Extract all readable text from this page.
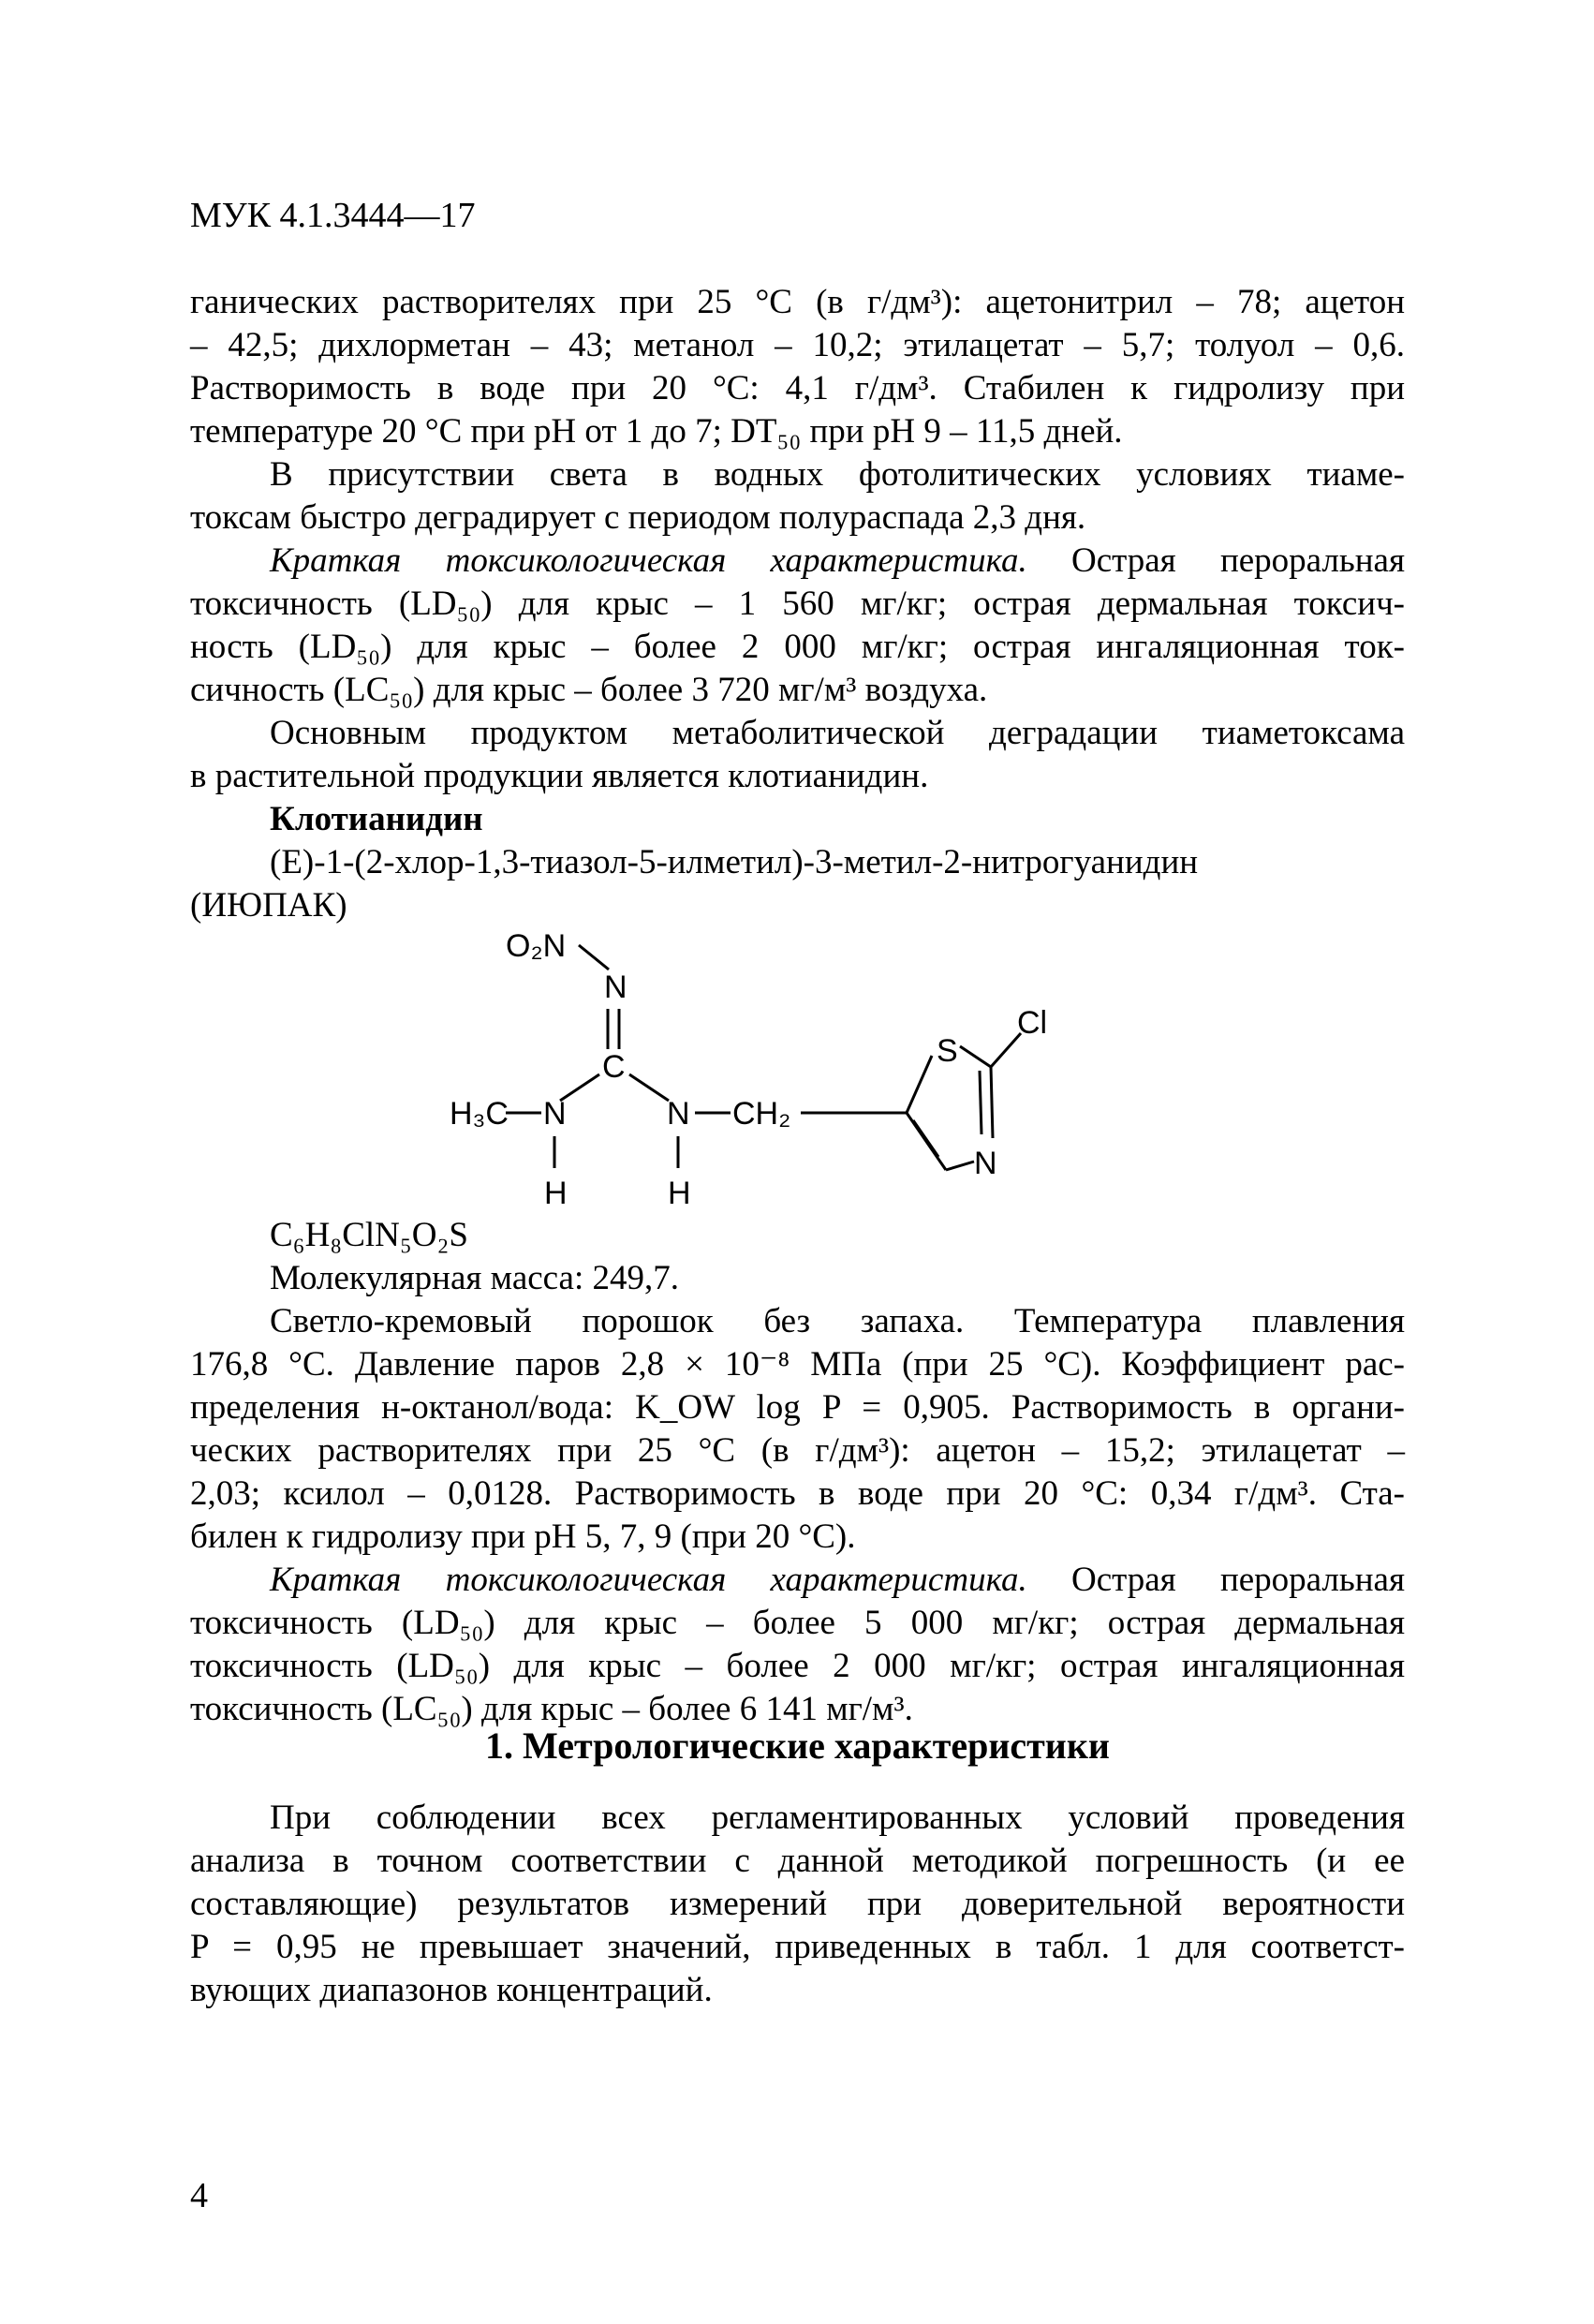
МУК 4.1.3444—17
ганических растворителях при 25 °С (в г/дм³): ацетонитрил – 78; ацетон
– 42,5; дихлорметан – 43; метанол – 10,2; этилацетат – 5,7; толуол – 0,6.
Растворимость в воде при 20 °С: 4,1 г/дм³. Стабилен к гидролизу при
температуре 20 °С при pH от 1 до 7; DT₅₀ при pH 9 – 11,5 дней.
В присутствии света в водных фотолитических условиях тиаме-
токсам быстро деградирует с периодом полураспада 2,3 дня.
Краткая токсикологическая характеристика. Острая пероральная
токсичность (LD₅₀) для крыс – 1 560 мг/кг; острая дермальная токсич-
ность (LD₅₀) для крыс – более 2 000 мг/кг; острая ингаляционная ток-
сичность (LC₅₀) для крыс – более 3 720 мг/м³ воздуха.
Основным продуктом метаболитической деградации тиаметоксама
в растительной продукции является клотианидин.
Клотианидин
(E)-1-(2-хлор-1,3-тиазол-5-илметил)-3-метил-2-нитрогуанидин
(ИЮПАК)
O₂N
N
C
H₃C N
H
N
H
CH₂
S
Cl
N
C₆H₈ClN₅O₂S
Молекулярная масса: 249,7.
Светло-кремовый порошок без запаха. Температура плавления
176,8 °С. Давление паров 2,8 × 10⁻⁸ МПа (при 25 °С). Коэффициент рас-
пределения н-октанол/вода: K_OW log P = 0,905. Растворимость в органи-
ческих растворителях при 25 °С (в г/дм³): ацетон – 15,2; этилацетат –
2,03; ксилол – 0,0128. Растворимость в воде при 20 °С: 0,34 г/дм³. Ста-
билен к гидролизу при pH 5, 7, 9 (при 20 °С).
Краткая токсикологическая характеристика. Острая пероральная
токсичность (LD₅₀) для крыс – более 5 000 мг/кг; острая дермальная
токсичность (LD₅₀) для крыс – более 2 000 мг/кг; острая ингаляционная
токсичность (LC₅₀) для крыс – более 6 141 мг/м³.
1. Метрологические характеристики
При соблюдении всех регламентированных условий проведения
анализа в точном соответствии с данной методикой погрешность (и ее
составляющие) результатов измерений при доверительной вероятности
P = 0,95 не превышает значений, приведенных в табл. 1 для соответст-
вующих диапазонов концентраций.
4
